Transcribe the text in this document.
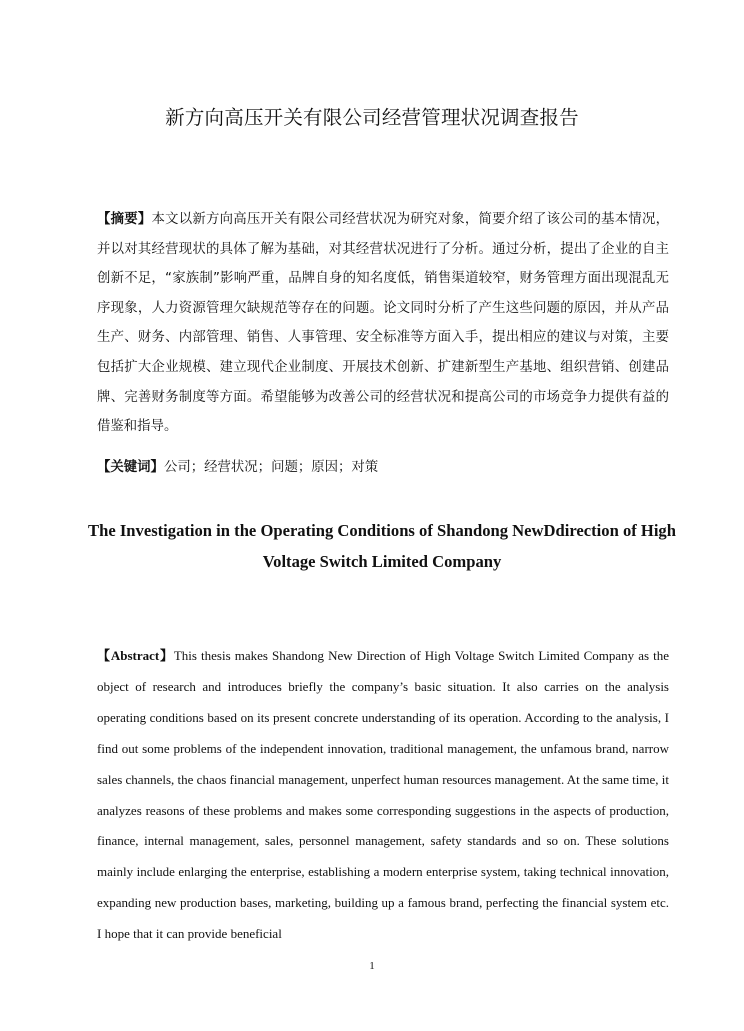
新方向高压开关有限公司经营管理状况调查报告
【摘要】本文以新方向高压开关有限公司经营状况为研究对象，简要介绍了该公司的基本情况，并以对其经营现状的具体了解为基础，对其经营状况进行了分析。通过分析，提出了企业的自主创新不足，“家族制”影响严重，品牌自身的知名度低，销售渠道较窄，财务管理方面出现混乱无序现象，人力资源管理欠缺规范等存在的问题。论文同时分析了产生这些问题的原因，并从产品生产、财务、内部管理、销售、人事管理、安全标准等方面入手，提出相应的建议与对策，主要包括扩大企业规模、建立现代企业制度、开展技术创新、扩建新型生产基地、组织营销、创建品牌、完善财务制度等方面。希望能够为改善公司的经营状况和提高公司的市场竞争力提供有益的借鉴和指导。
【关键词】公司；经营状况；问题；原因；对策
The Investigation in the Operating Conditions of Shandong NewDdirection of High Voltage Switch Limited Company
【Abstract】This thesis makes Shandong New Direction of High Voltage Switch Limited Company as the object of research and introduces briefly the company’s basic situation. It also carries on the analysis operating conditions based on its present concrete understanding of its operation. According to the analysis, I find out some problems of the independent innovation, traditional management, the unfamous brand, narrow sales channels, the chaos financial management, unperfect human resources management. At the same time, it analyzes reasons of these problems and makes some corresponding suggestions in the aspects of production, finance, internal management, sales, personnel management, safety standards and so on. These solutions mainly include enlarging the enterprise, establishing a modern enterprise system, taking technical innovation, expanding new production bases, marketing, building up a famous brand, perfecting the financial system etc. I hope that it can provide beneficial
1
